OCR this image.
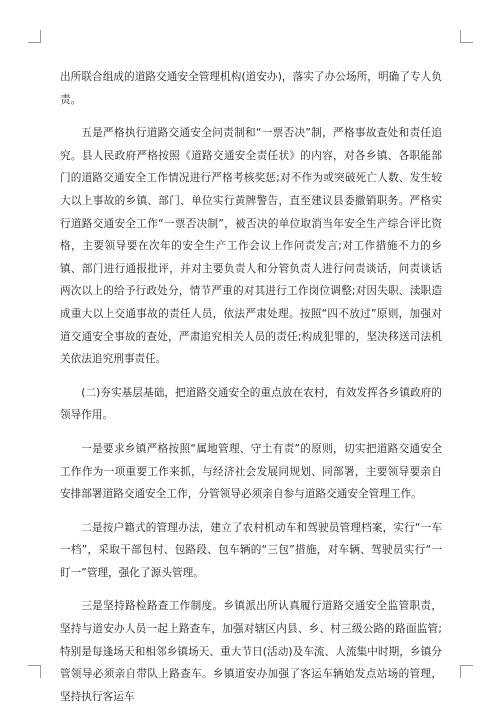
出所联合组成的道路交通安全管理机构(道安办)，落实了办公场所，明确了专人负责。

五是严格执行道路交通安全问责制和“一票否决”制，严格事故查处和责任追究。县人民政府严格按照《道路交通安全责任状》的内容，对各乡镇、各职能部门的道路交通安全工作情况进行严格考核奖惩;对不作为或突破死亡人数、发生较大以上事故的乡镇、部门、单位实行黄牌警告，直至建议县委撤销职务。严格实行道路交通安全工作“一票否决制”，被否决的单位取消当年安全生产综合评比资格，主要领导要在次年的安全生产工作会议上作问责发言;对工作措施不力的乡镇、部门进行通报批评，并对主要负责人和分管负责人进行问责谈话，问责谈话两次以上的给予行政处分，情节严重的对其进行工作岗位调整;对因失职、渎职造成重大以上交通事故的责任人员，依法严肃处理。按照“四不放过”原则，加强对道交通安全事故的查处，严肃追究相关人员的责任;构成犯罪的，坚决移送司法机关依法追究刑事责任。

(二)夯实基层基础，把道路交通安全的重点放在农村，有效发挥各乡镇政府的领导作用。

一是要求乡镇严格按照“属地管理、守土有责”的原则，切实把道路交通安全工作作为一项重要工作来抓，与经济社会发展同规划、同部署，主要领导要亲自安排部署道路交通安全工作，分管领导必须亲自参与道路交通安全管理工作。

二是按户籍式的管理办法，建立了农村机动车和驾驶员管理档案，实行“一车一档”，采取干部包村、包路段、包车辆的“三包”措施，对车辆、驾驶员实行“一盯一”管理，强化了源头管理。

三是坚持路检路查工作制度。乡镇派出所认真履行道路交通安全监管职责，坚持与道安办人员一起上路查车，加强对辖区内县、乡、村三级公路的路面监管;特别是每逢场天和相邻乡镇场天、重大节日(活动)及车流、人流集中时期，乡镇分管领导必须亲自带队上路查车。乡镇道安办加强了客运车辆始发点站场的管理，坚持执行客运车
